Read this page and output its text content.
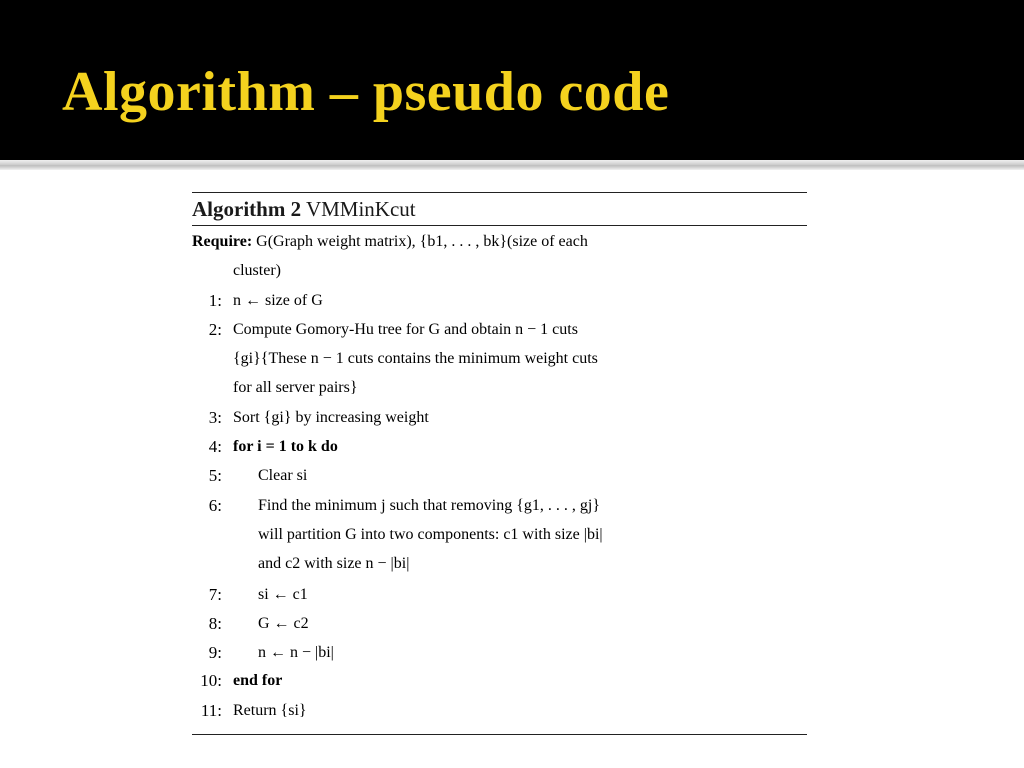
Algorithm – pseudo code
Algorithm 2 VMMinKcut
Require: G(Graph weight matrix), {b1, . . . , bk}(size of each
cluster)
1: n ← size of G
2: Compute Gomory-Hu tree for G and obtain n − 1 cuts
{gi}{These n − 1 cuts contains the minimum weight cuts
for all server pairs}
3: Sort {gi} by increasing weight
4: for i = 1 to k do
5: Clear si
6: Find the minimum j such that removing {g1, . . . , gj}
will partition G into two components: c1 with size |bi|
and c2 with size n − |bi|
7: si ← c1
8: G ← c2
9: n ← n − |bi|
10: end for
11: Return {si}
